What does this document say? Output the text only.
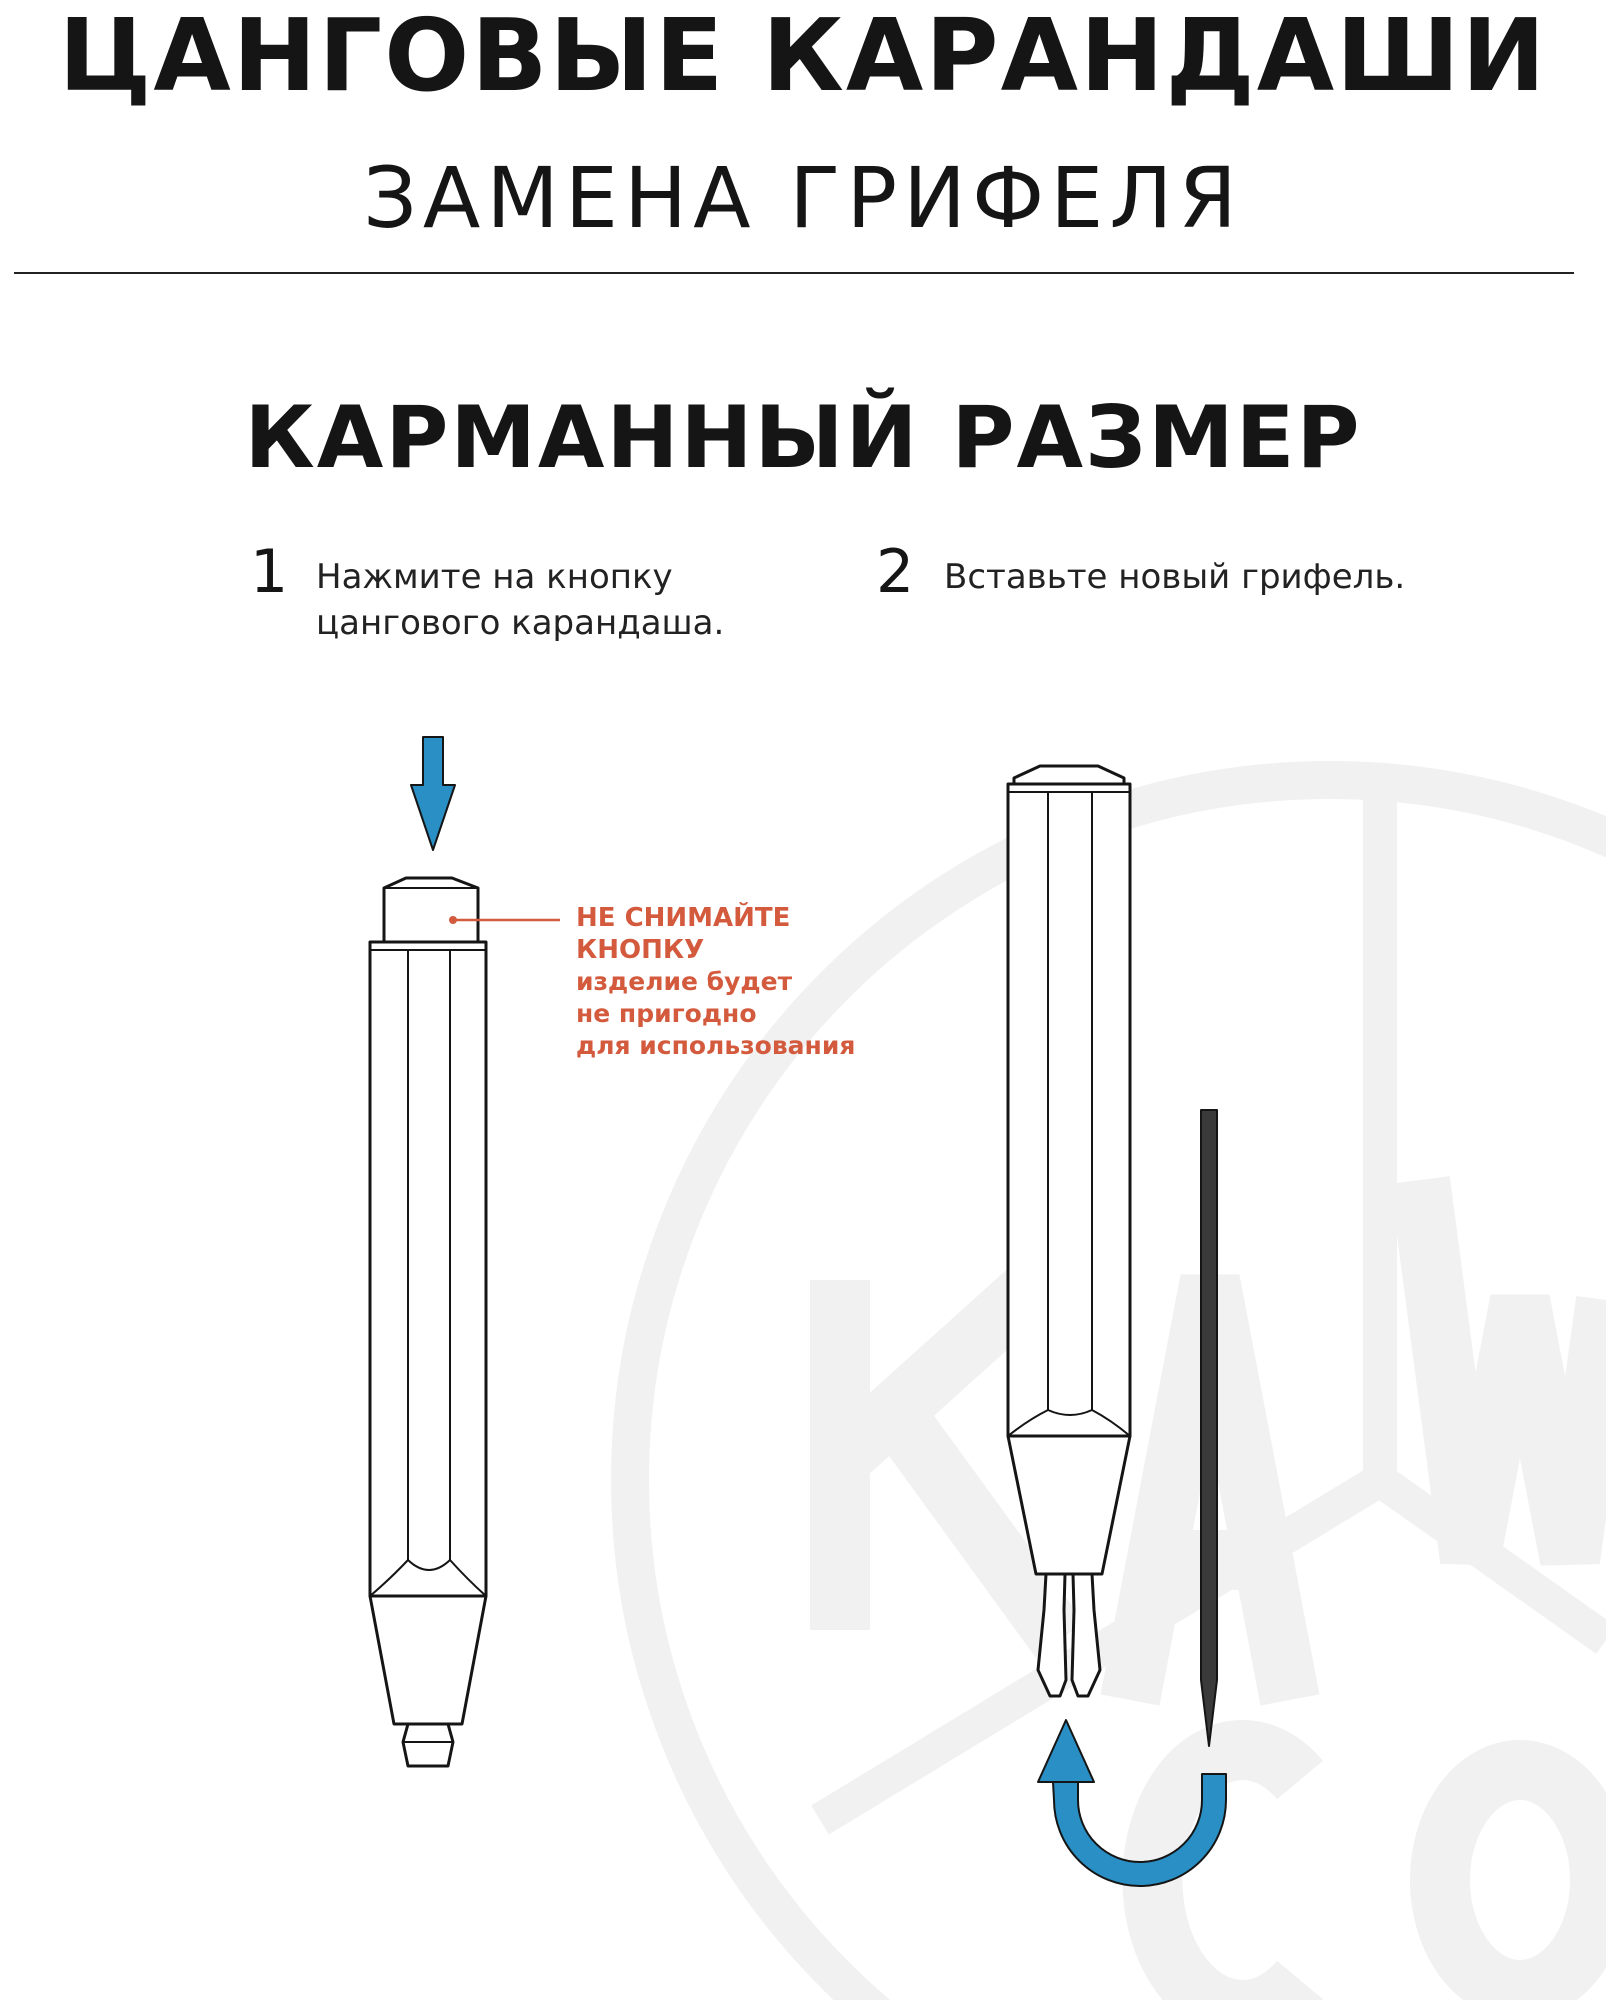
ЦАНГОВЫЕ КАРАНДАШИ
ЗАМЕНА ГРИФЕЛЯ
КАРМАННЫЙ РАЗМЕР
1 Нажмите на кнопку
цангового карандаша.
2 Вставьте новый грифель.
НЕ СНИМАЙТЕ
КНОПКУ
изделие будет
не пригодно
для использования
